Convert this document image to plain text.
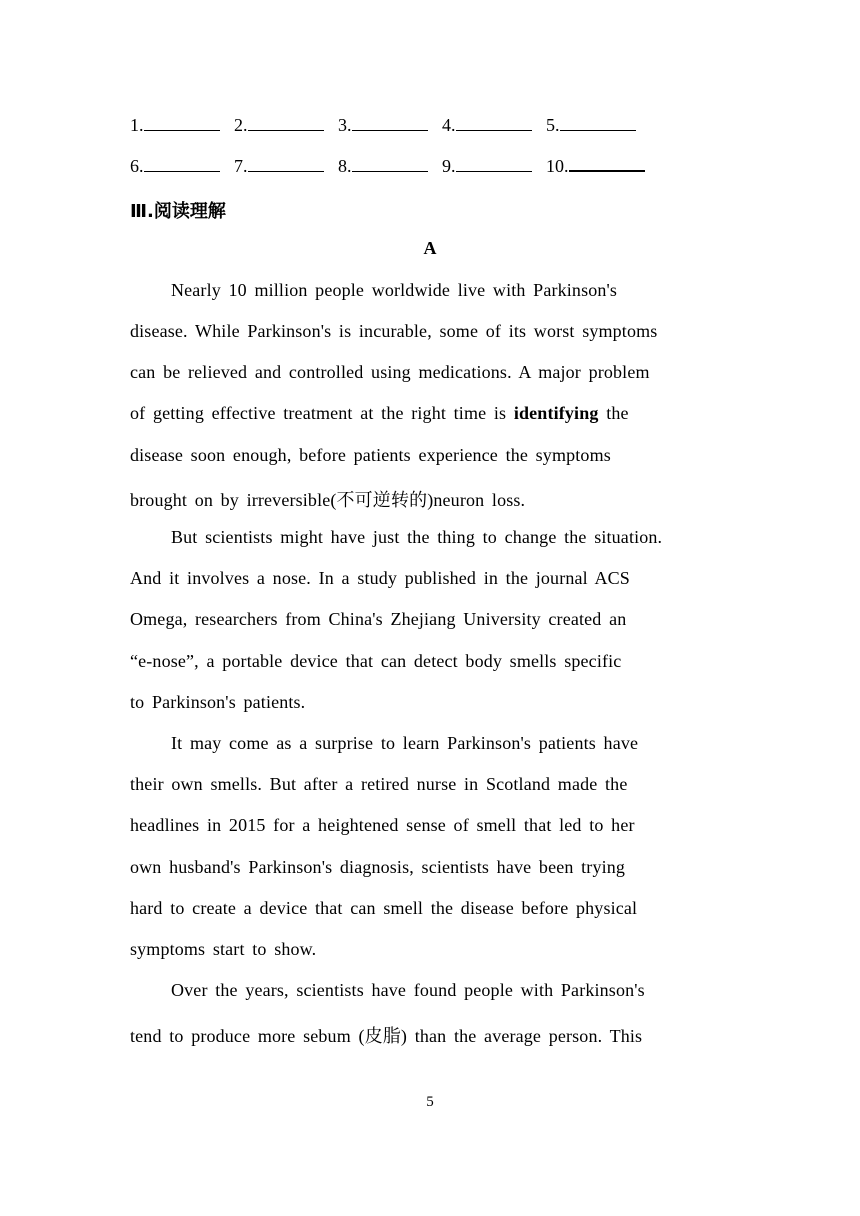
1.	2.	3.	4.	5.
6.	7.	8.	9.	10.
Ⅲ.阅读理解
A
Nearly 10 million people worldwide live with Parkinson's
disease. While Parkinson's is incurable, some of its worst symptoms
can be relieved and controlled using medications. A major problem
of getting effective treatment at the right time is identifying the
disease soon enough, before patients experience the symptoms
brought on by irreversible(不可逆转的)neuron loss.
But scientists might have just the thing to change the situation.
And it involves a nose. In a study published in the journal ACS
Omega, researchers from China's Zhejiang University created an
“e-nose”, a portable device that can detect body smells specific
to Parkinson's patients.
It may come as a surprise to learn Parkinson's patients have
their own smells. But after a retired nurse in Scotland made the
headlines in 2015 for a heightened sense of smell that led to her
own husband's Parkinson's diagnosis, scientists have been trying
hard to create a device that can smell the disease before physical
symptoms start to show.
Over the years, scientists have found people with Parkinson's
tend to produce more sebum (皮脂) than the average person. This
5
